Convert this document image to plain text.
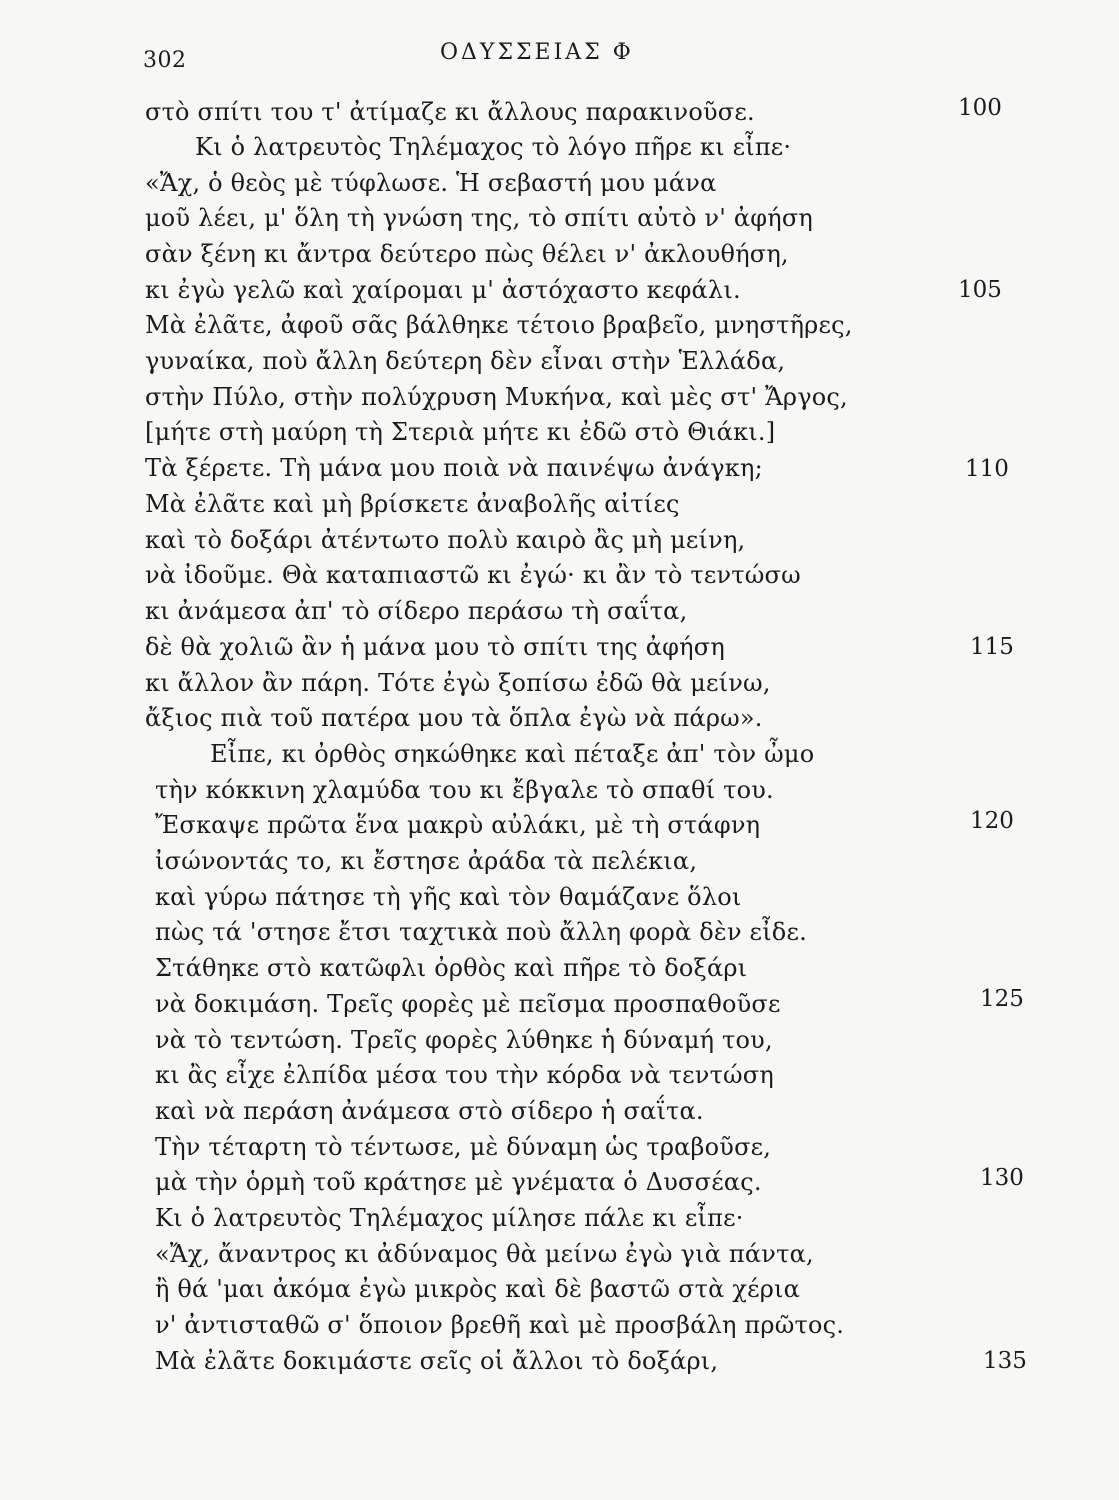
302	ΟΔΥΣΣΕΙΑΣ Φ
στὸ σπίτι του τ' ἀτίμαζε κι ἄλλους παρακινοῦσε.
Κι ὁ λατρευτὸς Τηλέμαχος τὸ λόγο πῆρε κι εἶπε·
«Ἄχ, ὁ θεὸς μὲ τύφλωσε. Ἡ σεβαστή μου μάνα
μοῦ λέει, μ' ὅλη τὴ γνώση της, τὸ σπίτι αὐτὸ ν' ἀφήση
σὰν ξένη κι ἄντρα δεύτερο πὼς θέλει ν' ἀκλουθήση,
κι ἐγὼ γελῶ καὶ χαίρομαι μ' ἀστόχαστο κεφάλι.
Μὰ ἐλᾶτε, ἀφοῦ σᾶς βάλθηκε τέτοιο βραβεῖο, μνηστῆρες,
γυναίκα, ποὺ ἄλλη δεύτερη δὲν εἶναι στὴν Ἑλλάδα,
στὴν Πύλο, στὴν πολύχρυση Μυκήνα, καὶ μὲς στ' Ἄργος,
[μήτε στὴ μαύρη τὴ Στεριὰ μήτε κι ἐδῶ στὸ Θιάκι.]
Τὰ ξέρετε. Τὴ μάνα μου ποιὰ νὰ παινέψω ἀνάγκη;
Μὰ ἐλᾶτε καὶ μὴ βρίσκετε ἀναβολῆς αἰτίες
καὶ τὸ δοξάρι ἀτέντωτο πολὺ καιρὸ ἂς μὴ μείνη,
νὰ ἰδοῦμε. Θὰ καταπιαστῶ κι ἐγώ· κι ἂν τὸ τεντώσω
κι ἀνάμεσα ἀπ' τὸ σίδερο περάσω τὴ σαΐτα,
δὲ θὰ χολιῶ ἂν ἡ μάνα μου τὸ σπίτι της ἀφήση
κι ἄλλον ἂν πάρη. Τότε ἐγὼ ξοπίσω ἐδῶ θὰ μείνω,
ἄξιος πιὰ τοῦ πατέρα μου τὰ ὅπλα ἐγὼ νὰ πάρω».
Εἶπε, κι ὀρθὸς σηκώθηκε καὶ πέταξε ἀπ' τὸν ὦμο
τὴν κόκκινη χλαμύδα του κι ἔβγαλε τὸ σπαθί του.
Ἔσκαψε πρῶτα ἕνα μακρὺ αὐλάκι, μὲ τὴ στάφνη
ἰσώνοντάς το, κι ἔστησε ἀράδα τὰ πελέκια,
καὶ γύρω πάτησε τὴ γῆς καὶ τὸν θαμάζανε ὅλοι
πὼς τά 'στησε ἔτσι ταχτικὰ ποὺ ἄλλη φορὰ δὲν εἶδε.
Στάθηκε στὸ κατῶφλι ὀρθὸς καὶ πῆρε τὸ δοξάρι
νὰ δοκιμάση. Τρεῖς φορὲς μὲ πεῖσμα προσπαθοῦσε
νὰ τὸ τεντώση. Τρεῖς φορὲς λύθηκε ἡ δύναμή του,
κι ἂς εἶχε ἐλπίδα μέσα του τὴν κόρδα νὰ τεντώση
καὶ νὰ περάση ἀνάμεσα στὸ σίδερο ἡ σαΐτα.
Τὴν τέταρτη τὸ τέντωσε, μὲ δύναμη ὡς τραβοῦσε,
μὰ τὴν ὁρμὴ τοῦ κράτησε μὲ γνέματα ὁ Δυσσέας.
Κι ὁ λατρευτὸς Τηλέμαχος μίλησε πάλε κι εἶπε·
«Ἄχ, ἄναντρος κι ἀδύναμος θὰ μείνω ἐγὼ γιὰ πάντα,
ἢ θά 'μαι ἀκόμα ἐγὼ μικρὸς καὶ δὲ βαστῶ στὰ χέρια
ν' ἀντισταθῶ σ' ὅποιον βρεθῆ καὶ μὲ προσβάλη πρῶτος.
Μὰ ἐλᾶτε δοκιμάστε σεῖς οἱ ἄλλοι τὸ δοξάρι,
100
105
110
115
120
125
130
135
